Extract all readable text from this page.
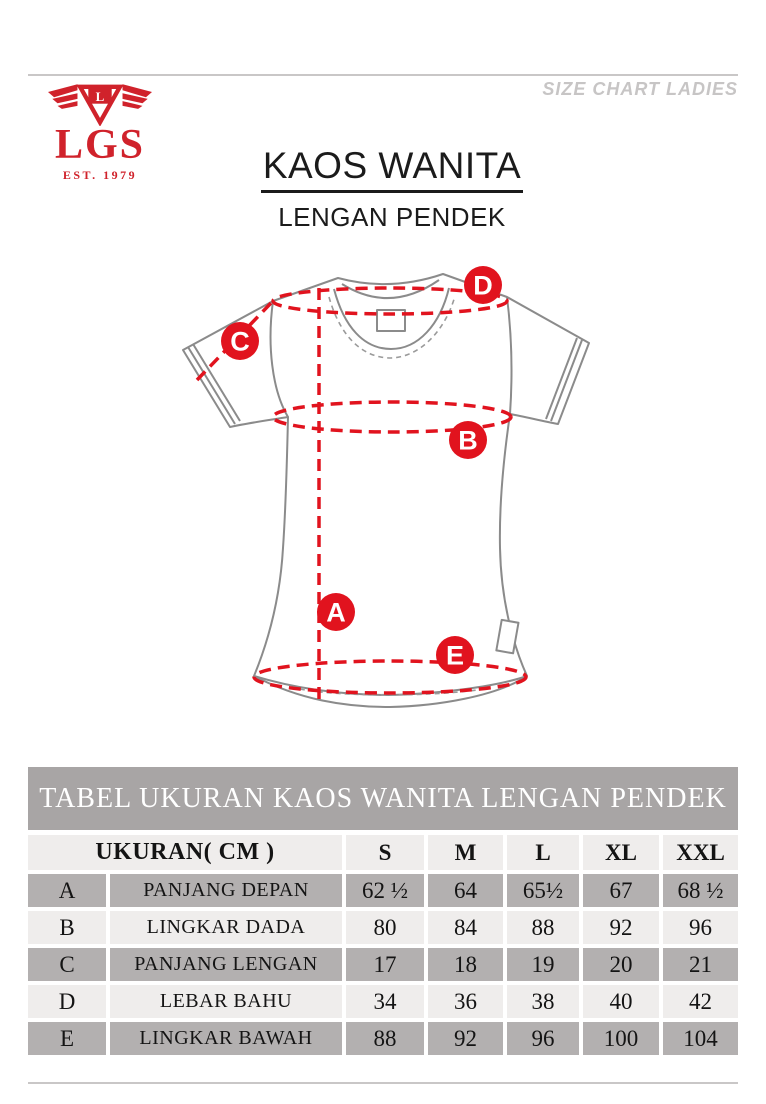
SIZE CHART LADIES
L
LGS
EST. 1979	KAOS WANITA
LENGAN PENDEK
D
C
B
A
E
TABEL UKURAN KAOS WANITA LENGAN PENDEK
UKURAN( CM )	S	M	L	XL	XXL
A	PANJANG DEPAN	62 ½	64	65½	67	68 ½
B	LINGKAR DADA	80	84	88	92	96
C	PANJANG LENGAN	17	18	19	20	21
D	LEBAR BAHU	34	36	38	40	42
E	LINGKAR BAWAH	88	92	96	100	104
